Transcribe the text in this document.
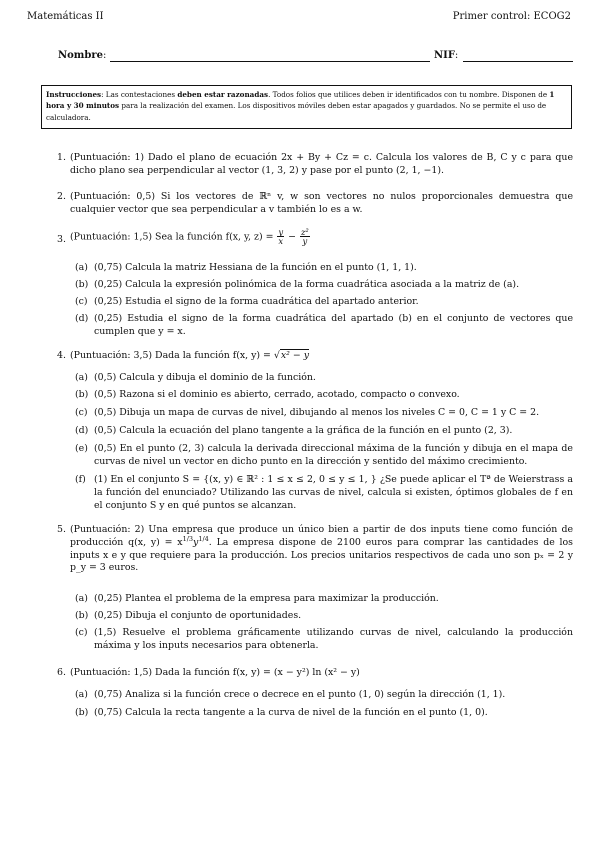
Matemáticas II	Primer control: ECOG2
Nombre:	NIF:
Instrucciones: Las contestaciones deben estar razonadas. Todos folios que utilices deben ir identificados con tu nombre. Disponen de 1 hora y 30 minutos para la realización del examen. Los dispositivos móviles deben estar apagados y guardados. No se permite el uso de calculadora.
1. (Puntuación: 1) Dado el plano de ecuación 2x + By + Cz = c. Calcula los valores de B, C y c para que dicho plano sea perpendicular al vector (1, 3, 2) y pase por el punto (2, 1, −1).
2. (Puntuación: 0,5) Si los vectores de ℝⁿ v, w son vectores no nulos proporcionales demuestra que cualquier vector que sea perpendicular a v también lo es a w.
3. (Puntuación: 1,5) Sea la función f(x, y, $z) = \frac{y}{x} - \frac{\text{z²}}{y}$
(a) (0,75) Calcula la matriz Hessiana de la función en el punto (1, 1, 1).
(b) (0,25) Calcula la expresión polinómica de la forma cuadrática asociada a la matriz de (a).
(c) (0,25) Estudia el signo de la forma cuadrática del apartado anterior.
(d) (0,25) Estudia el signo de la forma cuadrática del apartado (b) en el conjunto de vectores que cumplen que y = x.
4. (Puntuación: 3,5) Dada la función f(x, y) = √x² − y
(a) (0,5) Calcula y dibuja el dominio de la función.
(b) (0,5) Razona si el dominio es abierto, cerrado, acotado, compacto o convexo.
(c) (0,5) Dibuja un mapa de curvas de nivel, dibujando al menos los niveles C = 0, C = 1 y C = 2.
(d) (0,5) Calcula la ecuación del plano tangente a la gráfica de la función en el punto (2, 3).
(e) (0,5) En el punto (2, 3) calcula la derivada direccional máxima de la función y dibuja en el mapa de curvas de nivel un vector en dicho punto en la dirección y sentido del máximo crecimiento.
(f) (1) En el conjunto S = {(x, y) ∈ ℝ² : 1 ≤ x ≤ 2, 0 ≤ y ≤ 1, } ¿Se puede aplicar el Tª de Weierstrass a la función del enunciado? Utilizando las curvas de nivel, calcula si existen, óptimos globales de f en el conjunto S y en qué puntos se alcanzan.
5. (Puntuación: 2) Una empresa que produce un único bien a partir de dos inputs tiene como función de producción q(x, $y) = x^{1/3}y^{1/4}$. La empresa dispone de 2100 euros para comprar las cantidades de los inputs x e y que requiere para la producción. Los precios unitarios respectivos de cada uno son pₓ = 2 y p_y = 3 euros.
(a) (0,25) Plantea el problema de la empresa para maximizar la producción.
(b) (0,25) Dibuja el conjunto de oportunidades.
(c) (1,5) Resuelve el problema gráficamente utilizando curvas de nivel, calculando la producción máxima y los inputs necesarios para obtenerla.
6. (Puntuación: 1,5) Dada la función f(x, y) = (x − y²) ln (x² − y)
(a) (0,75) Analiza si la función crece o decrece en el punto (1, 0) según la dirección (1, 1).
(b) (0,75) Calcula la recta tangente a la curva de nivel de la función en el punto (1, 0).
